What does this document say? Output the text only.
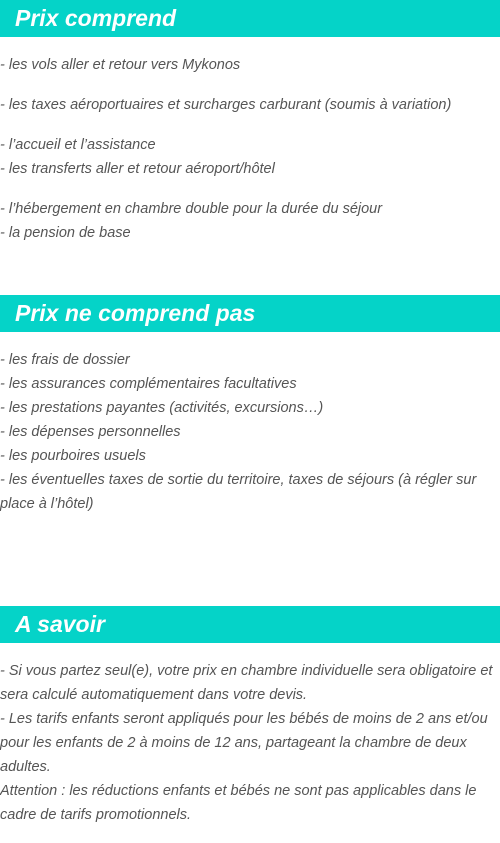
Prix comprend

- les vols aller et retour vers Mykonos

- les taxes aéroportuaires et surcharges carburant (soumis à variation)

- l’accueil et l’assistance

- les transferts aller et retour aéroport/hôtel

- l’hébergement en chambre double pour la durée du séjour

- la pension de base

Prix ne comprend pas

- les frais de dossier

- les assurances complémentaires facultatives

- les prestations payantes (activités, excursions…)

- les dépenses personnelles

- les pourboires usuels

- les éventuelles taxes de sortie du territoire, taxes de séjours (à régler sur place à l’hôtel)

A savoir

- Si vous partez seul(e), votre prix en chambre individuelle sera obligatoire et sera calculé automatiquement dans votre devis.

- Les tarifs enfants seront appliqués pour les bébés de moins de 2 ans et/ou pour les enfants de 2 à moins de 12 ans, partageant la chambre de deux adultes.

Attention : les réductions enfants et bébés ne sont pas applicables dans le cadre de tarifs promotionnels.
